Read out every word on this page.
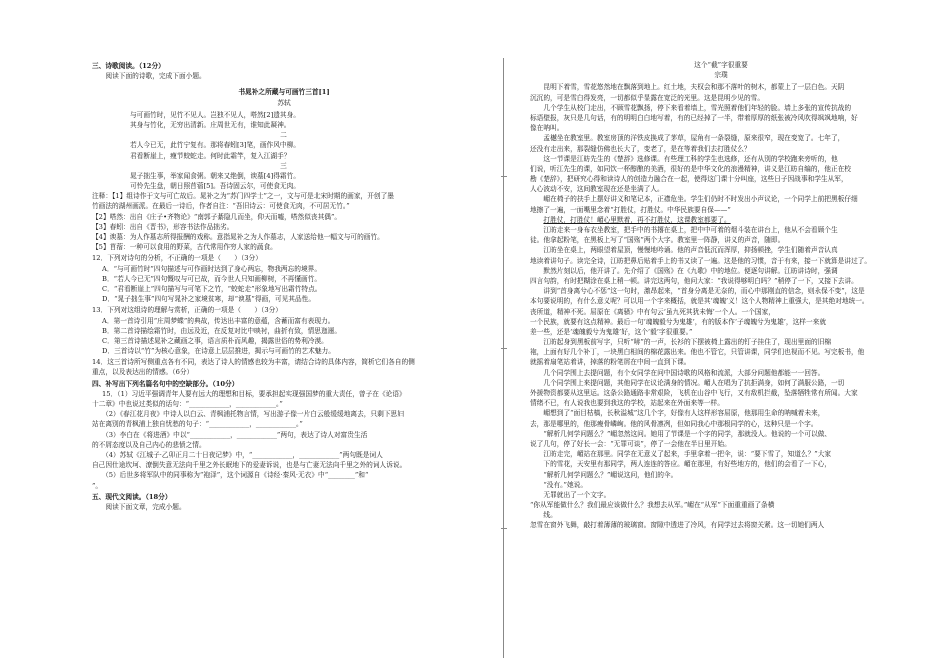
三、诗歌阅读。（12分）

阅读下面的诗歌，完成下面小题。

书晁补之所藏与可画竹三首[1]

苏轼

与可画竹时，见竹不见人。岂独不见人，嗒然[2]遗其身。

其身与竹化，无穷出清新。庄周世无有，谁知此凝神。

二

若人今已无，此竹宁复有。那将春蚓[3]笔，画作风中柳。

君看断崖上，瘦节蛟蛇走。何时此霜竿，复入江湖手？

三

晁子拙生事，举家闻食粥。朝来又绝倒，谀墓[4]得霜竹。

可怜先生盘，朝日照苜蓿[5]。吾诗固云尔，可使食无肉。

注释：【1】组诗作于文与可亡故后。晁补之为“苏门四学士”之一，文与可是北宋时期的画家，开创了墨

竹画法的湖州画派。在最后一诗后，作者自注：“吾旧诗云：可使食无肉，不可居无竹。”

【2】嗒然：出自《庄子•齐物论》“南郭子綦隐几而坐，仰天而嘘，嗒然似丧其偶”。

【3】春蚓：出自《晋书》，形容书法作品拙劣。

【4】谀墓：为人作墓志所得报酬的戏称。意指晁补之为人作墓志，人家送给他一幅文与可的画竹。

【5】苜蓿：一种可以食用的野菜，古代常用作穷人家的蔬食。

12．下列对诗句的分析，不正确的一项是（　　）（3分）

A．“与可画竹时”四句描述与可作画时达到了身心两忘，物我两忘的境界。

B．“若人今已无”四句慨叹与可已故，而今世人只知画柳树，不再懂画竹。

C．“君看断崖上”四句描写与可笔下之竹，“蛟蛇走”形象地写出霜竹特点。

D．“晁子拙生事”四句写晁补之家境贫寒，却“谀墓”得画，可见其品性。

13．下列对这组诗的理解与赏析，正确的一项是（　　）（3分）

A．第一首诗引用“庄周梦蝶”的典故，传达出丰富的意蕴，含蓄而富有表现力。

B．第二首诗描绘霜竹时，由远及近，在反复对比中映衬，曲折有致，情思迤逦。

C．第三首诗描述晁补之藏画之事，语言质朴而风趣，揭露世俗的势利冷漠。

D．三首诗以“竹”为核心意象，在诗意上层层推进，揭示与可画竹的艺术魅力。

14．这三首诗所写侧重点各有不同，表达了诗人的情感也较为丰富，请结合诗的具体内容，简析它们各自的侧

重点，以及表达出的情感。（6分）

四、补写出下列名篇名句中的空缺部分。（10分）

15．（1）习近平强调青年人要有远大的理想和目标，要承担起实现强国梦的重大责任，曾子在《论语》

十二章》中也说过类似的话句：“____________，____________。”

（2）《春江花月夜》中诗人以白云、青枫浦托物言情，写出游子像一片白云般缓缓地离去，只剩下思妇

站在离别的青枫浦上独自忧愁的句子：“____________，____________。”

（3）李白在《将进酒》中以“____________，____________”两句，表达了诗人对富贵生活

的不屑态度以及自己内心的悲愤之情。

（4）苏轼《江城子·乙卯正月二十日夜记梦》中，“____________，____________”两句既是词人

自己因仕途坎坷、潦倒失意无法向千里之外长眠地下的爱妻诉说，也是与亡妻无法向千里之外的词人诉说。

（5）后世多将军队中的同事称为“袍泽”，这个词源自《诗经·秦风·无衣》中“________”和“

”。

五、现代文阅读。（18分）

阅读下面文章，完成小题。

这个“截”字很重要

宗璞

昆明下着雪，雪花悠然地在飘落到地上。红土地，夫权会和那不落叶的树木，都蒙上了一层白色。天阴

沉沉的，可是雪白得发亮，一切都似乎显露在宽泛的光里。这是昆明少见的雪。

几个学生从校门走出，不顾雪花飘扬，停下来看着墙上，雪光照着他们年轻的脸。墙上多张的宣传抗战的

标语壁报，灰只是几句话，有的明明白白地写着，有的已经掉了一半，带着厚厚的纸张被冷风吹得飒飒地响，好

像在呐叫。

孟樾坐在教室里。教室房顶的洋铁皮换成了茅草，屋角有一条裂缝，原来很窄，现在变宽了。七年了，

还没有走出来，那裂缝仿佛也长大了，变老了，是在等着我们去打胜仗么？

这一节课是江昉先生的《楚辞》选修课。有些理工科的学生也选修，还有从别的学校跑来旁听的，他

们说，听江先生的课，如同饮一杯醇酿的美酒，很好的是中华文化的浪漫精神，讲义是江昉自编的，他正在校

勘《楚辞》，把研究心得和读诗人的创造力融合在一起，使得这门课十分叫座，这些日子因战事和学生从军，

人心波动不安，这间教室现在还是坐满了人。

嵋在椅子的扶手上摆好讲义和笔记本，正襟危坐。学生们仍时不时发出小声议论，一个同学上前把黑板仔细

地擦了一遍，一面嘴里念着“打胜仗，打胜仗。中华民族要自保——”

打胜仗，打胜仗！嵋心里默着，再不打胜仗，这课教室都要了。

江昉走来一身布衣坐教室，把手中的书撂在桌上，把中中可着的烟斗装在讲台上，他从不会看顾个生

徒。他拿起粉笔，在黑板上写了“国殇”两个大字。教室里一阵静，讲义的声音，随即。

江昉坐在桌上，两眼望着屋顶，慢慢地吟诵。他的声音低沉而浑厚，抑扬顿挫，学生们随着声音认真

地读着讲句子。读完全诗，江昉把鼻后贴着手上的书又读了一遍。这是他的习惯，音于有来，接一下就算是讲过了。

默然片刻以后，他开讲了。先介绍了《国殇》在《九歌》中的地位。便逐句讲解。江昉讲诗时，强调

四言句韵，有时把糊涂在桌上稍一顿。讲完这两句，他问大家：“我说得够明白吗？”稍停了一下，又接下去讲。

讲到“首身离兮心不惩”这一句时，激昂起来，“首身分离是无奈的，而心中那刚直的信念，则永保不变”，这是

本句要说明的，有什么意义呢？可以用一个字来概括，就是其‘魂魄’义！这个人物精神上重强大，是其绝对地统一。

丧所道，精神不死。屈原在《离骚》中有句云‘虽九死其犹未悔’一个人。一个国家，

一个民族，就要有这点精神。最后一句‘魂魄毅兮为鬼雄’，有的版本作‘子魂魄兮为鬼雄’，这样一来就

差一些，还是‘魂魄毅兮为鬼雄’好，这个‘毅’字很重要。”

江昉起身到黑板前写字，只听“哧”的一声，长衫的下摆被椅上露出的钉子挂住了，现出里面的旧棉

袍，上面有好几个补丁，一块黑白相间的棉花露出来。他也不管它，只管讲课，同学们也视而不见。写完板书，他

就摇着扇笔站着讲，掉落的粉笔屑在中间一直到下课。

几个同学围上去提问题，有个女同学在问中国诗歌的风格和流派，大部分问题他都能一一回答。

几个同学围上来提问题，其他同学在议论满身的情况。嵋人在唱为了抗拒满身，如何了满服公路，一切

外援物资都要从这里运。这条公路通路非常艰险，飞机在山谷中飞行，又有敌机拦截，坠落牺牲常有所闻。大家

情绪不已，有人说我也要到我这的学校，站起来在外面来等一样。

嵋想到了“面目枯槁，长秋溢城”这几个字，好像有人这样形容屈原，他那用生命的呐喊着未来，

去，那是哪里的，他那瘦骨嶙峋。他的风骨凛冽，但如同我心中那根同学的心，这种只是一个字。

“解析几何学问题么？”嵋忽然这问。她用了节课是一个字的同学，那就没人。他说的一个可以做、

说了几句，停了好长一会：“无罪可谈”，停了一会他在半日里开始。

江昉走完，嵋站在那里。同学在无意义了起来，手里拿着一把伞，说：“要下雪了，知道么？”大家

下的雪花，天安里有那同学，两人连连的答应。嵋在那里，有好些地方的，他们的会看了一下心，

“解析几何学问题么？”嵋说这问，他们的伞。

“没有。”她说。

无罪就出了一个文字。

“你从军能做什么？我们最应该做什么？我想去从军。”嵋在“从军”下面重重画了条横

线。

忽雪在窗外飞舞，敲打着薄薄的玻璃窗。窗隙中透进了冷风，有同学过去将窗关紧。这一切她们两人
